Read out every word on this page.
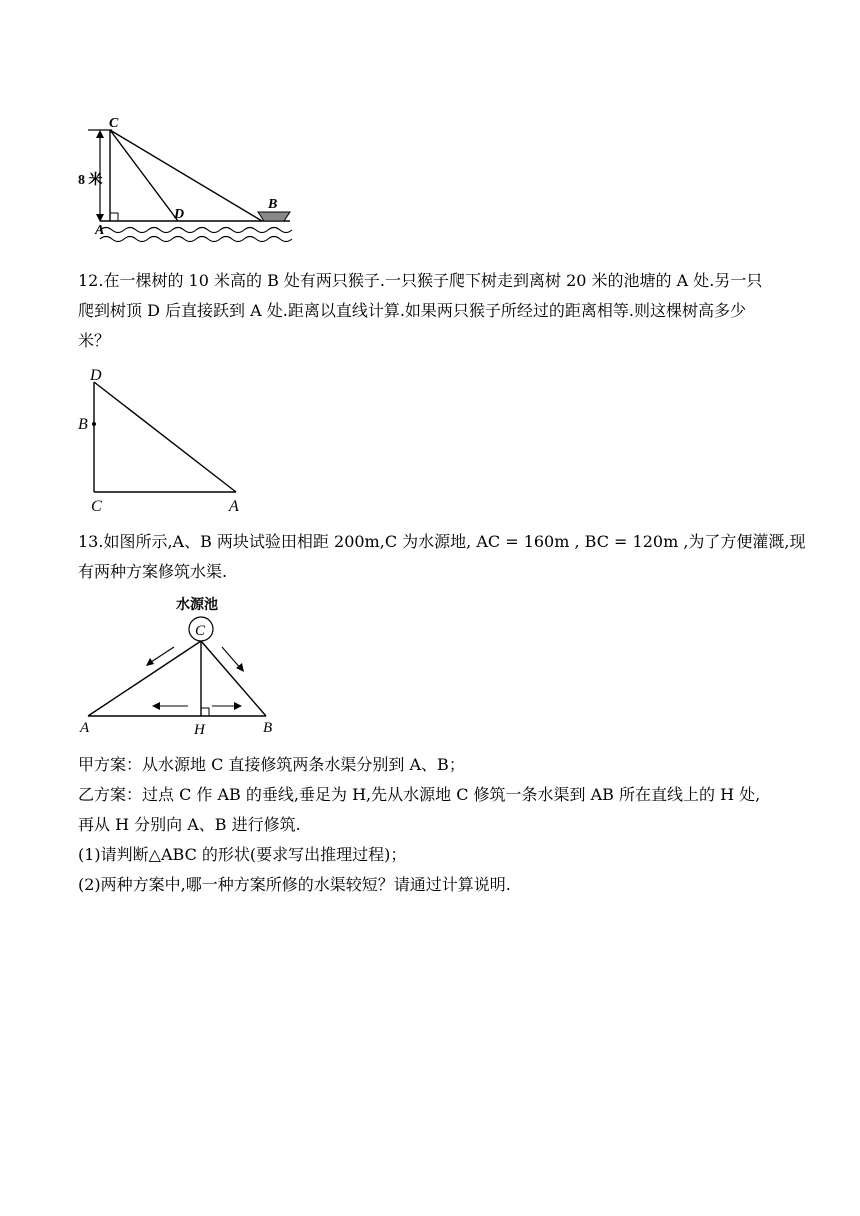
C
A
D
B
8 米

12.在一棵树的 10 米高的 B 处有两只猴子.一只猴子爬下树走到离树 20 米的池塘的 A 处.另一只
爬到树顶 D 后直接跃到 A 处.距离以直线计算.如果两只猴子所经过的距离相等.则这棵树高多少
米？

D
B
C	A

13.如图所示,A、B 两块试验田相距 200m,C 为水源地, AC = 160m , BC = 120m ,为了方便灌溉,现
有两种方案修筑水渠.

水源池
C
A	H	B

甲方案：从水源地 C 直接修筑两条水渠分别到 A、B；
乙方案：过点 C 作 AB 的垂线,垂足为 H,先从水源地 C 修筑一条水渠到 AB 所在直线上的 H 处,
再从 H 分别向 A、B 进行修筑.
(1)请判断△ABC 的形状(要求写出推理过程)；
(2)两种方案中,哪一种方案所修的水渠较短？请通过计算说明.
